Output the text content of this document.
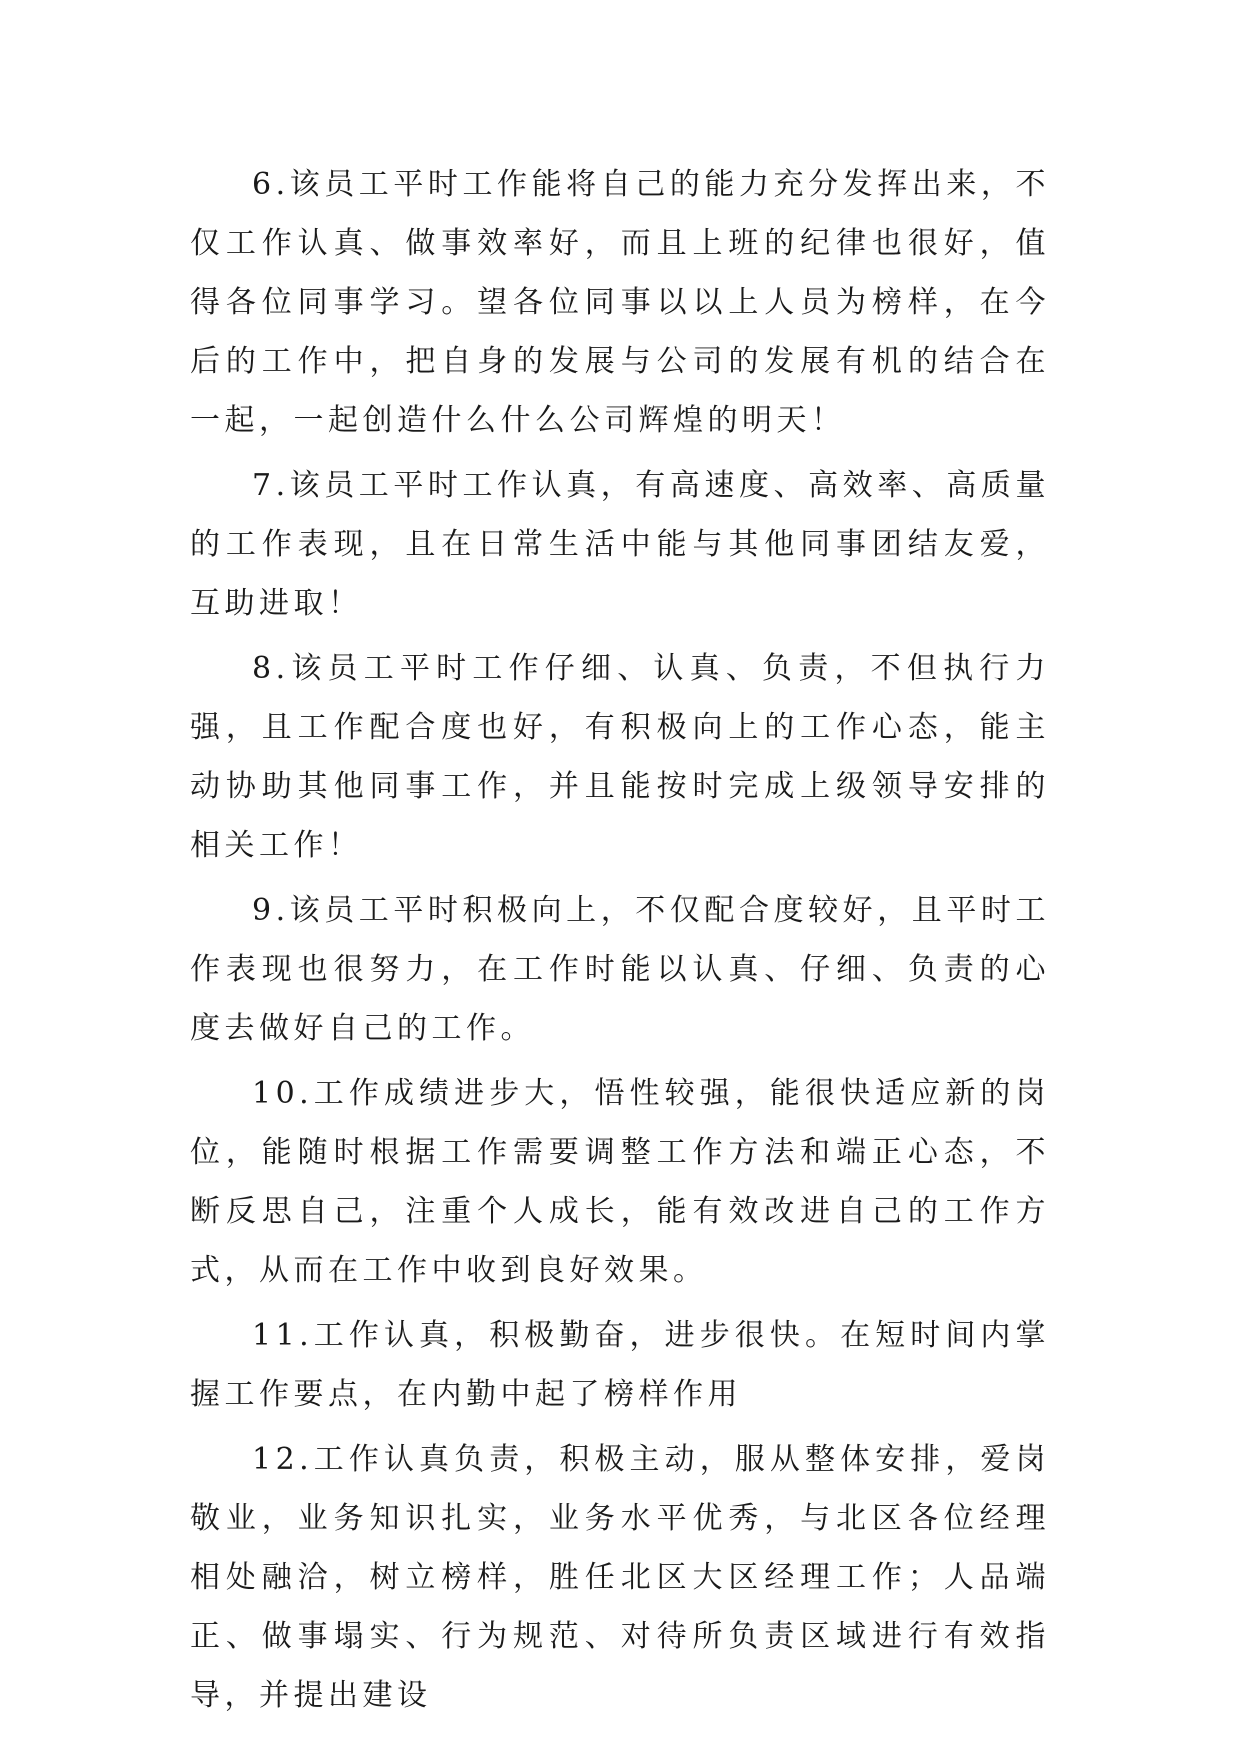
6.该员工平时工作能将自己的能力充分发挥出来，不仅工作认真、做事效率好，而且上班的纪律也很好，值得各位同事学习。望各位同事以以上人员为榜样，在今后的工作中，把自身的发展与公司的发展有机的结合在一起，一起创造什么什么公司辉煌的明天！

7.该员工平时工作认真，有高速度、高效率、高质量的工作表现，且在日常生活中能与其他同事团结友爱，互助进取！

8.该员工平时工作仔细、认真、负责，不但执行力强，且工作配合度也好，有积极向上的工作心态，能主动协助其他同事工作，并且能按时完成上级领导安排的相关工作！

9.该员工平时积极向上，不仅配合度较好，且平时工作表现也很努力，在工作时能以认真、仔细、负责的心度去做好自己的工作。

10.工作成绩进步大，悟性较强，能很快适应新的岗位，能随时根据工作需要调整工作方法和端正心态，不断反思自己，注重个人成长，能有效改进自己的工作方式，从而在工作中收到良好效果。

11.工作认真，积极勤奋，进步很快。在短时间内掌握工作要点，在内勤中起了榜样作用

12.工作认真负责，积极主动，服从整体安排，爱岗敬业，业务知识扎实，业务水平优秀，与北区各位经理相处融洽，树立榜样，胜任北区大区经理工作；人品端正、做事塌实、行为规范、对待所负责区域进行有效指导，并提出建设
